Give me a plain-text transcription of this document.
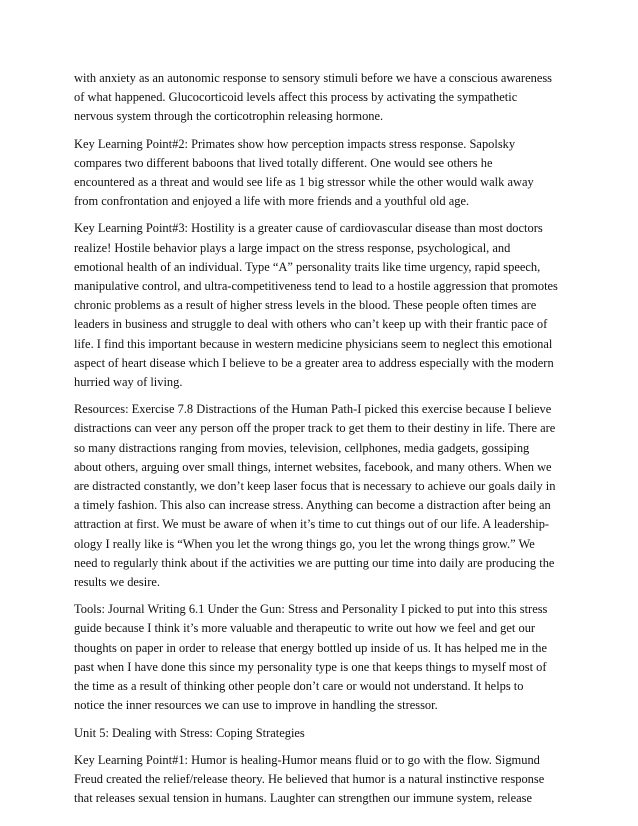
with anxiety as an autonomic response to sensory stimuli before we have a conscious awareness
of what happened. Glucocorticoid levels affect this process by activating the sympathetic
nervous system through the corticotrophin releasing hormone.

Key Learning Point#2: Primates show how perception impacts stress response. Sapolsky
compares two different baboons that lived totally different. One would see others he
encountered as a threat and would see life as 1 big stressor while the other would walk away
from confrontation and enjoyed a life with more friends and a youthful old age.

Key Learning Point#3: Hostility is a greater cause of cardiovascular disease than most doctors
realize! Hostile behavior plays a large impact on the stress response, psychological, and
emotional health of an individual. Type “A” personality traits like time urgency, rapid speech,
manipulative control, and ultra-competitiveness tend to lead to a hostile aggression that promotes
chronic problems as a result of higher stress levels in the blood. These people often times are
leaders in business and struggle to deal with others who can’t keep up with their frantic pace of
life. I find this important because in western medicine physicians seem to neglect this emotional
aspect of heart disease which I believe to be a greater area to address especially with the modern
hurried way of living.

Resources: Exercise 7.8 Distractions of the Human Path-I picked this exercise because I believe
distractions can veer any person off the proper track to get them to their destiny in life. There are
so many distractions ranging from movies, television, cellphones, media gadgets, gossiping
about others, arguing over small things, internet websites, facebook, and many others. When we
are distracted constantly, we don’t keep laser focus that is necessary to achieve our goals daily in
a timely fashion. This also can increase stress. Anything can become a distraction after being an
attraction at first. We must be aware of when it’s time to cut things out of our life. A leadership-
ology I really like is “When you let the wrong things go, you let the wrong things grow.” We
need to regularly think about if the activities we are putting our time into daily are producing the
results we desire.

Tools: Journal Writing 6.1 Under the Gun: Stress and Personality I picked to put into this stress
guide because I think it’s more valuable and therapeutic to write out how we feel and get our
thoughts on paper in order to release that energy bottled up inside of us. It has helped me in the
past when I have done this since my personality type is one that keeps things to myself most of
the time as a result of thinking other people don’t care or would not understand. It helps to
notice the inner resources we can use to improve in handling the stressor.

Unit 5: Dealing with Stress: Coping Strategies

Key Learning Point#1: Humor is healing-Humor means fluid or to go with the flow. Sigmund
Freud created the relief/release theory. He believed that humor is a natural instinctive response
that releases sexual tension in humans. Laughter can strengthen our immune system, release
